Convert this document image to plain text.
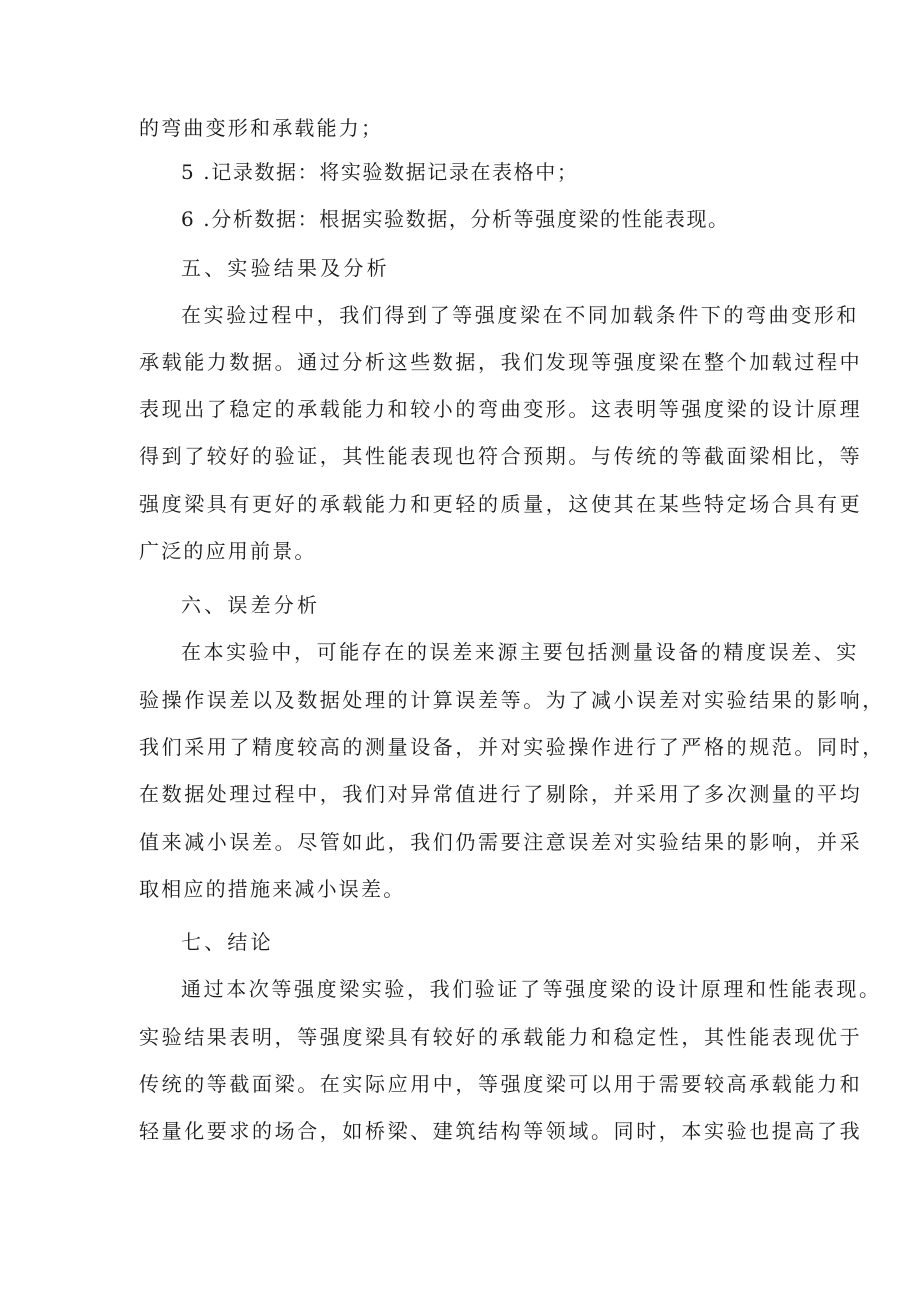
的弯曲变形和承载能力；
5 .记录数据：将实验数据记录在表格中；
6 .分析数据：根据实验数据，分析等强度梁的性能表现。
五、实验结果及分析
在实验过程中，我们得到了等强度梁在不同加载条件下的弯曲变形和
承载能力数据。通过分析这些数据，我们发现等强度梁在整个加载过程中
表现出了稳定的承载能力和较小的弯曲变形。这表明等强度梁的设计原理
得到了较好的验证，其性能表现也符合预期。与传统的等截面梁相比，等
强度梁具有更好的承载能力和更轻的质量，这使其在某些特定场合具有更
广泛的应用前景。
六、误差分析
在本实验中，可能存在的误差来源主要包括测量设备的精度误差、实
验操作误差以及数据处理的计算误差等。为了减小误差对实验结果的影响，
我们采用了精度较高的测量设备，并对实验操作进行了严格的规范。同时，
在数据处理过程中，我们对异常值进行了剔除，并采用了多次测量的平均
值来减小误差。尽管如此，我们仍需要注意误差对实验结果的影响，并采
取相应的措施来减小误差。
七、结论
通过本次等强度梁实验，我们验证了等强度梁的设计原理和性能表现。
实验结果表明，等强度梁具有较好的承载能力和稳定性，其性能表现优于
传统的等截面梁。在实际应用中，等强度梁可以用于需要较高承载能力和
轻量化要求的场合，如桥梁、建筑结构等领域。同时，本实验也提高了我
